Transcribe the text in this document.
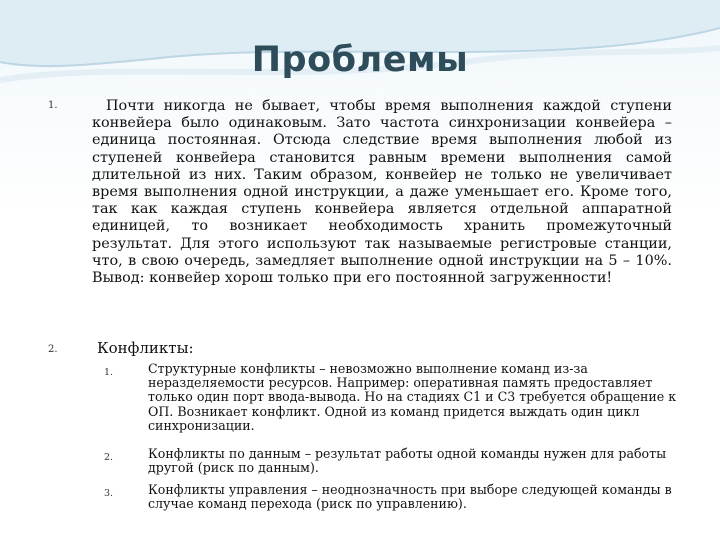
Проблемы
1.	Почти никогда не бывает, чтобы время выполнения каждой ступени конвейера было одинаковым. Зато частота синхронизации конвейера – единица постоянная. Отсюда следствие время выполнения любой из ступеней конвейера становится равным времени выполнения самой длительной из них. Таким образом, конвейер не только не увеличивает время выполнения одной инструкции, а даже уменьшает его. Кроме того, так как каждая ступень конвейера является отдельной аппаратной единицей, то возникает необходимость хранить промежуточный результат. Для этого используют так называемые регистровые станции, что, в свою очередь, замедляет выполнение одной инструкции на 5 – 10%. Вывод: конвейер хорош только при его постоянной загруженности!
2.	Конфликты:
1.	Структурные конфликты – невозможно выполнение команд из-за неразделяемости ресурсов. Например: оперативная память предоставляет только один порт ввода-вывода. Но на стадиях С1 и С3 требуется обращение к ОП. Возникает конфликт. Одной из команд придется выждать один цикл синхронизации.
2.	Конфликты по данным – результат работы одной команды нужен для работы другой (риск по данным).
3.	Конфликты управления – неоднозначность при выборе следующей команды в случае команд перехода (риск по управлению).
